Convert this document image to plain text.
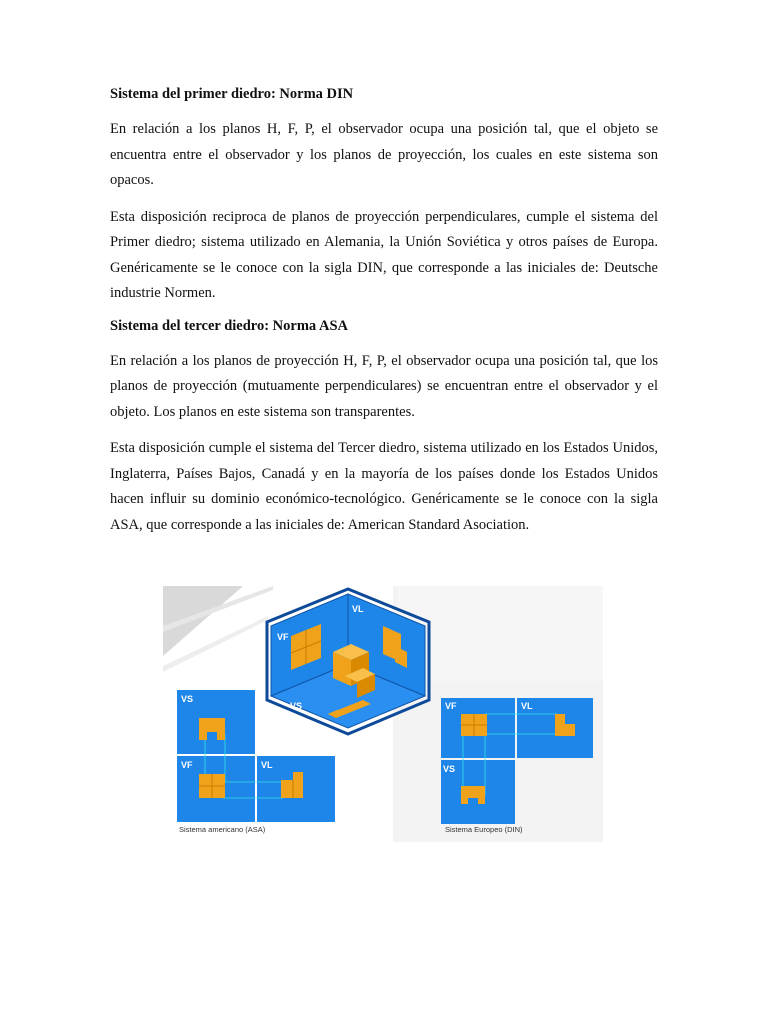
Sistema del primer diedro: Norma DIN

En relación a los planos H, F, P, el observador ocupa una posición tal, que el objeto se encuentra entre el observador y los planos de proyección, los cuales en este sistema son opacos.

Esta disposición reciproca de planos de proyección perpendiculares, cumple el sistema del Primer diedro; sistema utilizado en Alemania, la Unión Soviética y otros países de Europa. Genéricamente se le conoce con la sigla DIN, que corresponde a las iniciales de: Deutsche industrie Normen.

Sistema del tercer diedro: Norma ASA

En relación a los planos de proyección H, F, P, el observador ocupa una posición tal, que los planos de proyección (mutuamente perpendiculares) se encuentran entre el observador y el objeto. Los planos en este sistema son transparentes.

Esta disposición cumple el sistema del Tercer diedro, sistema utilizado en los Estados Unidos, Inglaterra, Países Bajos, Canadá y en la mayoría de los países donde los Estados Unidos hacen influir su dominio económico-tecnológico. Genéricamente se le conoce con la sigla ASA, que corresponde a las iniciales de: American Standard Asociation.

VL
VF
VS
VS
VF	VL
Sistema americano (ASA)
VF	VL
VS
Sistema Europeo (DIN)
